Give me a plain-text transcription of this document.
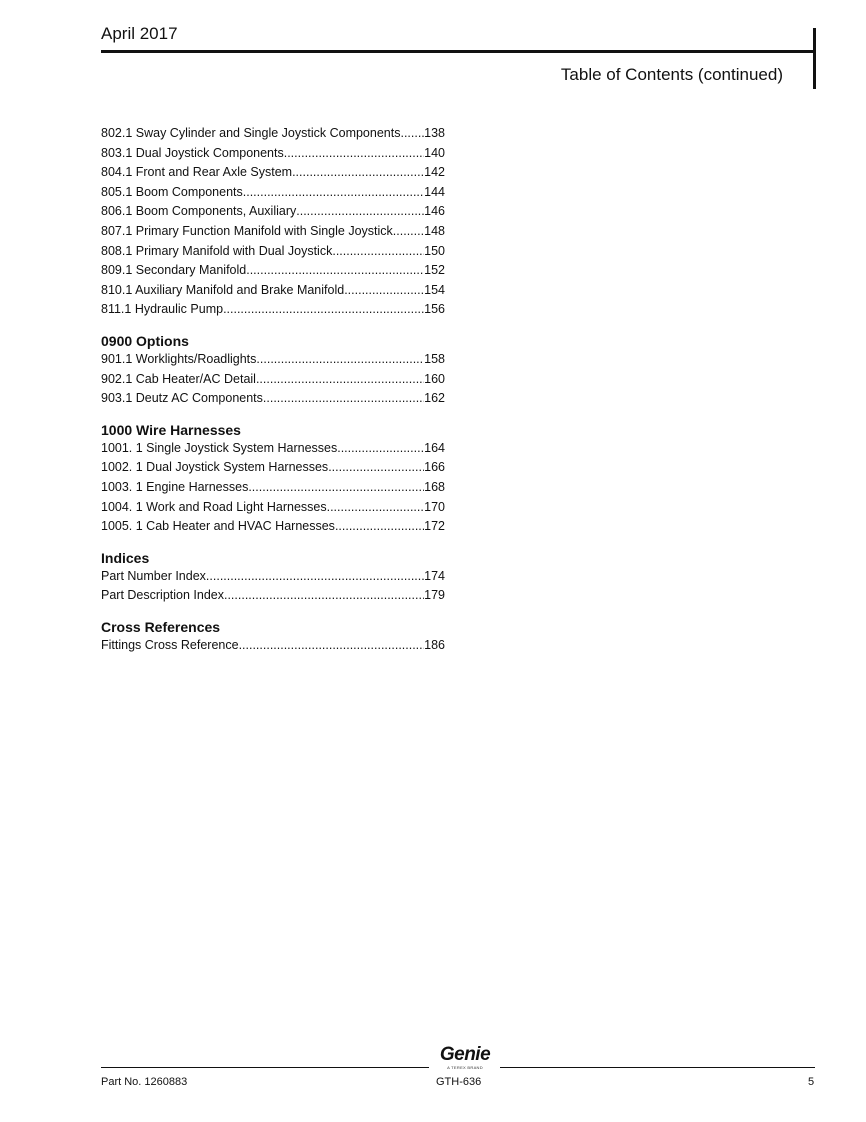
April 2017
Table of Contents (continued)
802.1 Sway Cylinder and Single Joystick Components ..... 138
803.1 Dual Joystick Components .....	140
804.1 Front and Rear Axle System .....	142
805.1 Boom Components .....	144
806.1 Boom Components, Auxiliary .....	146
807.1 Primary Function Manifold with Single Joystick .....	148
808.1 Primary Manifold with Dual Joystick .....	150
809.1 Secondary Manifold .....	152
810.1 Auxiliary Manifold and Brake Manifold .....	154
811.1 Hydraulic Pump .....	156
0900 Options
901.1 Worklights/Roadlights .....	158
902.1 Cab Heater/AC Detail .....	160
903.1 Deutz AC Components .....	162
1000 Wire Harnesses
1001. 1 Single Joystick System Harnesses .....	164
1002. 1 Dual Joystick System Harnesses .....	166
1003. 1 Engine Harnesses .....	168
1004. 1 Work and Road Light Harnesses .....	170
1005. 1 Cab Heater and HVAC Harnesses .....	172
Indices
Part Number Index .....	174
Part Description Index .....	179
Cross References
Fittings Cross Reference .....	186
Genie
A TEREX BRAND
Part No. 1260883	GTH-636	5
